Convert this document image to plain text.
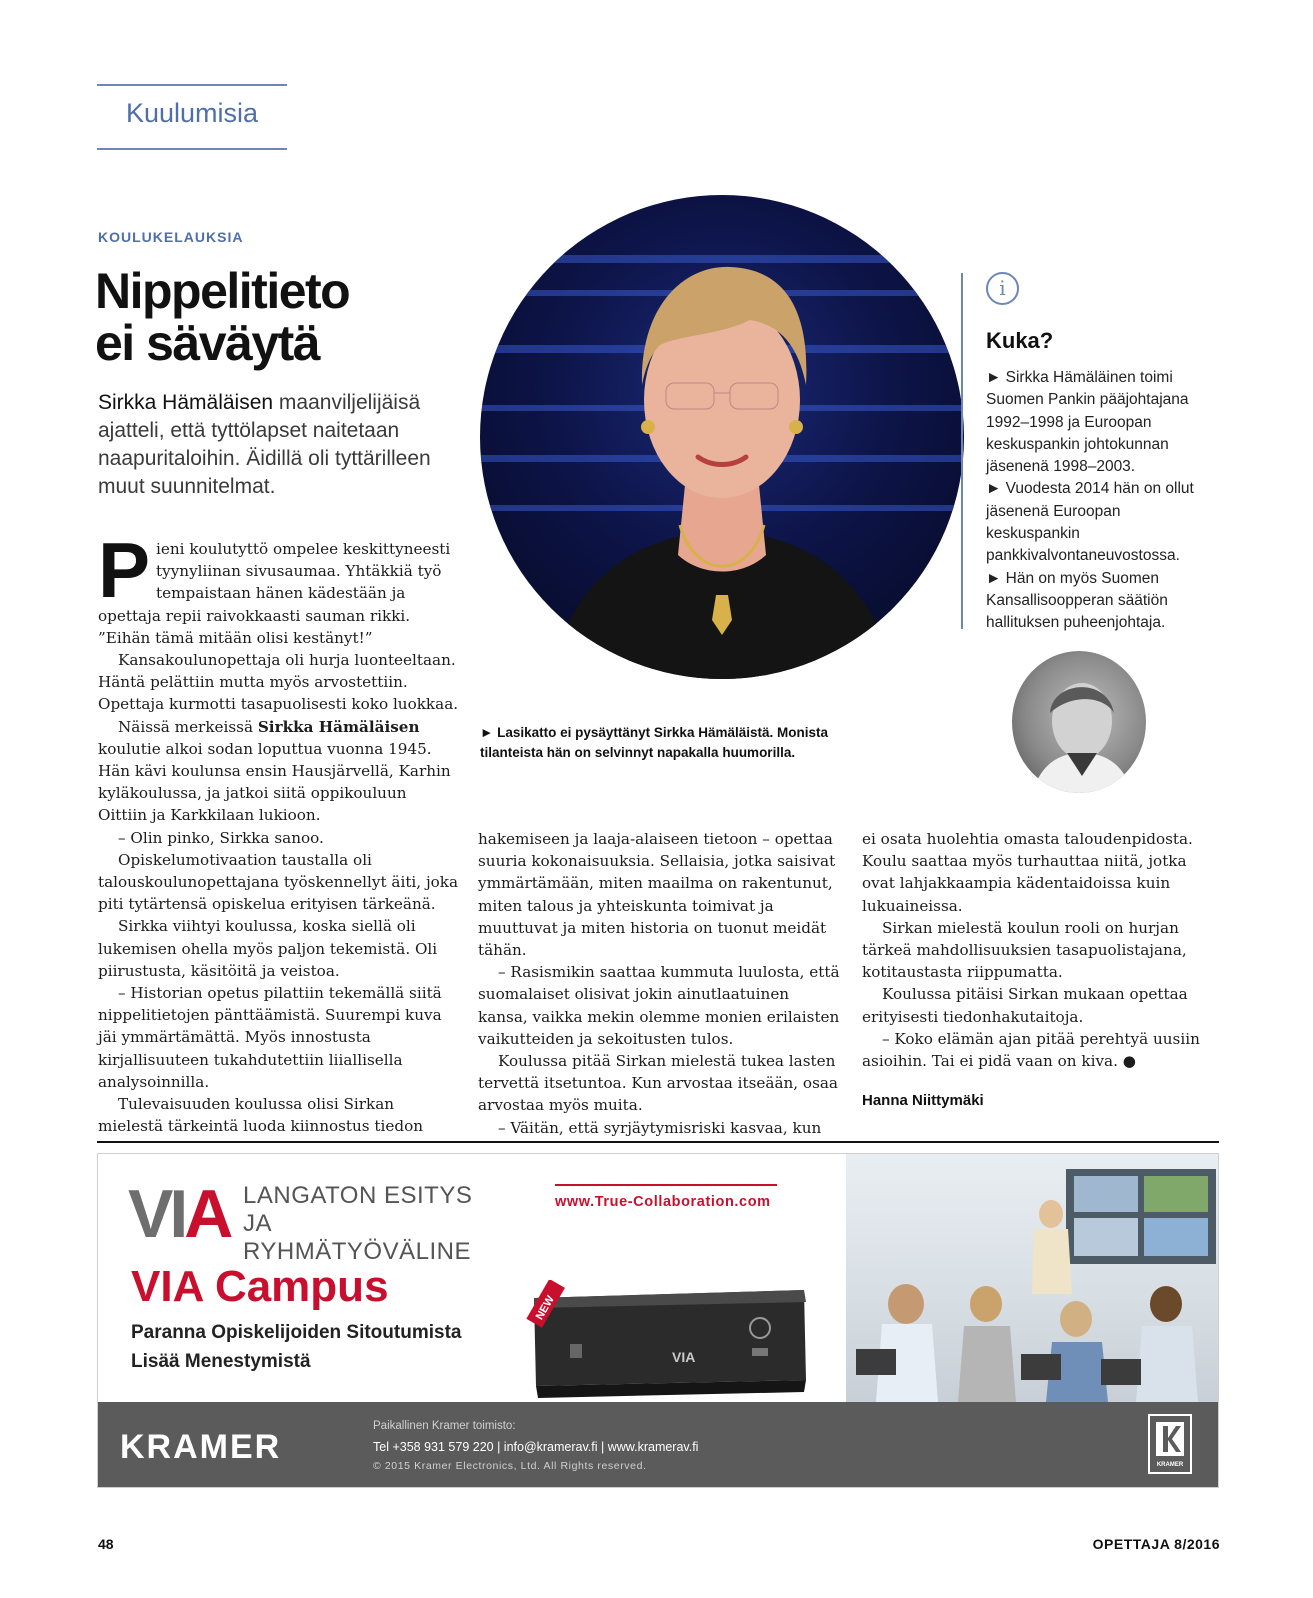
Kuulumisia
KOULUKELAUKSIA
Nippelitieto
ei säväytä
Sirkka Hämäläisen maanviljelijäisä ajatteli, että tyttölapset naitetaan naapuritaloihin. Äidillä oli tyttärilleen muut suunnitelmat.

Pieni koulutyttö ompelee keskittyneesti tyynyliinan sivusaumaa. Yhtäkkiä työ tempaistaan hänen kädestään ja opettaja repii raivokkaasti sauman rikki. ”Eihän tämä mitään olisi kestänyt!”

Kansakoulunopettaja oli hurja luonteeltaan. Häntä pelättiin mutta myös arvostettiin. Opettaja kurmotti tasapuolisesti koko luokkaa.

Näissä merkeissä Sirkka Hämäläisen koulutie alkoi sodan loputtua vuonna 1945. Hän kävi koulunsa ensin Hausjärvellä, Karhin kyläkoulussa, ja jatkoi siitä oppikouluun Oittiin ja Karkkilaan lukioon.

– Olin pinko, Sirkka sanoo.

Opiskelumotivaation taustalla oli talouskoulunopettajana työskennellyt äiti, joka piti tytärtensä opiskelua erityisen tärkeänä.

Sirkka viihtyi koulussa, koska siellä oli lukemisen ohella myös paljon tekemistä. Oli piirustusta, käsitöitä ja veistoa.

– Historian opetus pilattiin tekemällä siitä nippelitietojen pänttäämistä. Suurempi kuva jäi ymmärtämättä. Myös innostusta kirjallisuuteen tukahdutettiin liiallisella analysoinnilla.

Tulevaisuuden koulussa olisi Sirkan mielestä tärkeintä luoda kiinnostus tiedon

► Lasikatto ei pysäyttänyt Sirkka Hämäläistä. Monista tilanteista hän on selvinnyt napakalla huumorilla.
i
Kuka?
► Sirkka Hämäläinen toimi Suomen Pankin pääjohtajana 1992–1998 ja Euroopan keskuspankin johtokunnan jäsenenä 1998–2003.
► Vuodesta 2014 hän on ollut jäsenenä Euroopan keskuspankin pankkivalvontaneuvostossa.
► Hän on myös Suomen Kansallisoopperan säätiön hallituksen puheenjohtaja.

hakemiseen ja laaja-alaiseen tietoon – opettaa suuria kokonaisuuksia. Sellaisia, jotka saisivat ymmärtämään, miten maailma on rakentunut, miten talous ja yhteiskunta toimivat ja muuttuvat ja miten historia on tuonut meidät tähän.

– Rasismikin saattaa kummuta luulosta, että suomalaiset olisivat jokin ainutlaatuinen kansa, vaikka mekin olemme monien erilaisten vaikutteiden ja sekoitusten tulos.

Koulussa pitää Sirkan mielestä tukea lasten tervettä itsetuntoa. Kun arvostaa itseään, osaa arvostaa myös muita.

– Väitän, että syrjäytymisriski kasvaa, kun

ei osata huolehtia omasta taloudenpidosta. Koulu saattaa myös turhauttaa niitä, jotka ovat lahjakkaampia kädentaidoissa kuin lukuaineissa.

Sirkan mielestä koulun rooli on hurjan tärkeä mahdollisuuksien tasapuolistajana, kotitaustasta riippumatta.

Koulussa pitäisi Sirkan mukaan opettaa erityisesti tiedonhakutaitoja.

– Koko elämän ajan pitää perehtyä uusiin asioihin. Tai ei pidä vaan on kiva. ●

Hanna Niittymäki
VIA LANGATON ESITYS JA
RYHMÄTYÖVÄLINE
www.True-Collaboration.com
VIA Campus
Paranna Opiskelijoiden Sitoutumista
Lisää Menestymistä	VIA
NEW
KRAMER
Paikallinen Kramer toimisto:
Tel +358 931 579 220 | info@kramerav.fi | www.kramerav.fi
© 2015 Kramer Electronics, Ltd. All Rights reserved.	KRAMER
48	OPETTAJA 8/2016
